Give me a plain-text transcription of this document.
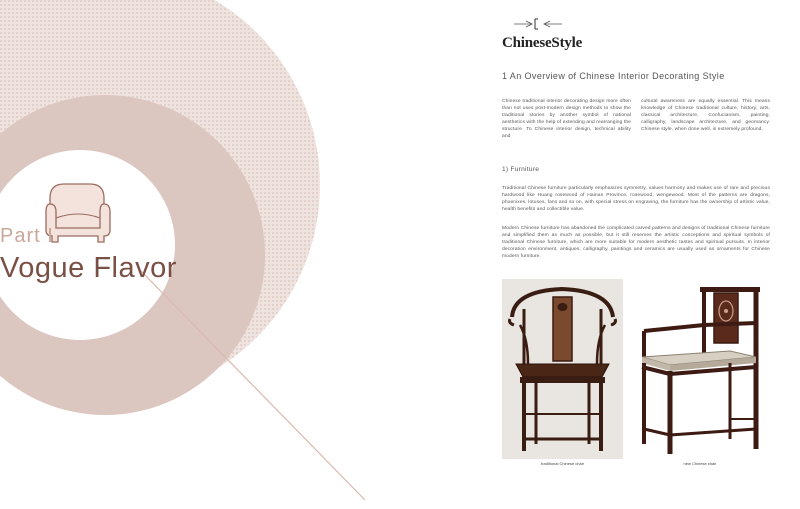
Part I
Vogue Flavor
ChineseStyle
1 An Overview of Chinese Interior Decorating Style

Chinese traditional interior decorating design more often than not uses post-modern design methods to show the traditional stories by another symbol of national aesthetics with the help of extending and rearranging the structure. To Chinese interior design, technical ability and

cultural awareness are equally essential. This means knowledge of Chinese traditional culture, history, arts, classical architecture, Confucianism, painting, calligraphy, landscape architecture, and geomancy. Chinese style, when done well, is extremely profound.

1) Furniture

Traditional Chinese furniture particularly emphasizes symmetry, values harmony and makes use of rare and precious hardwood like Huang rosewood of Hainan Province, rosewood, wengewood. Most of the patterns are dragons, phoenixes, lotuses, fans and so on, with special stress on engraving, the furniture has the ownership of artistic value, health benefits and collectible value.

Modern Chinese furniture has abandoned the complicated carved patterns and designs of traditional Chinese furniture and simplified them as much as possible, but it still reserves the artistic conceptions and spiritual symbols of traditional Chinese furniture, which are more suitable for modern aesthetic tastes and spiritual pursuits. In interior decoration environment, antiques, calligraphy, paintings and ceramics are usually used as ornaments for Chinese modern furniture.

traditional Chinese chair	new Chinese chair
